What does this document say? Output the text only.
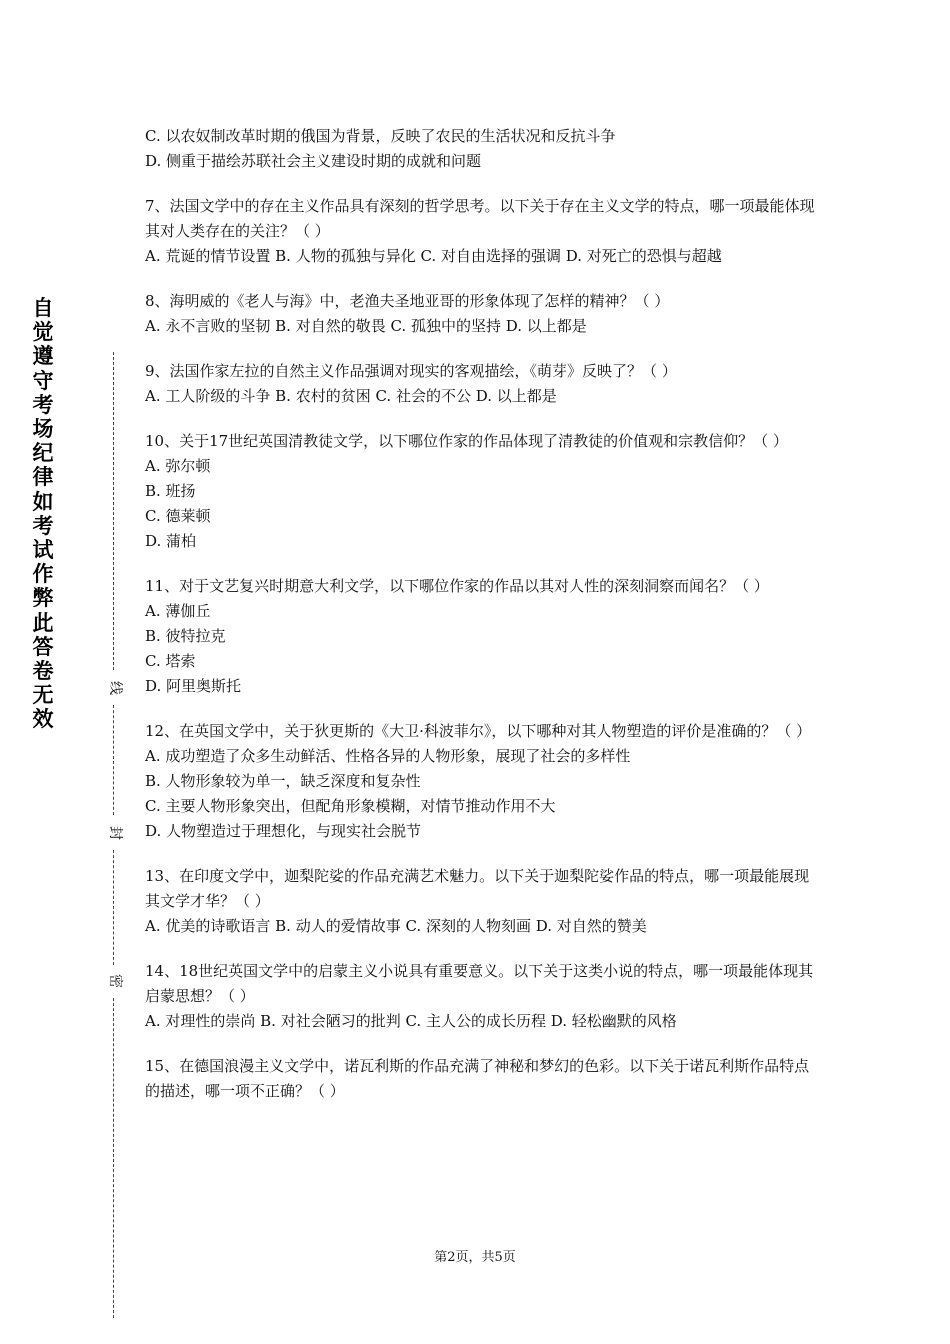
自觉遵守考场纪律如考试作弊此答卷无效
线
封
密

C. 以农奴制改革时期的俄国为背景，反映了农民的生活状况和反抗斗争

D. 侧重于描绘苏联社会主义建设时期的成就和问题

7、法国文学中的存在主义作品具有深刻的哲学思考。以下关于存在主义文学的特点，哪一项最能体现其对人类存在的关注？（ ）

A. 荒诞的情节设置 B. 人物的孤独与异化 C. 对自由选择的强调 D. 对死亡的恐惧与超越

8、海明威的《老人与海》中，老渔夫圣地亚哥的形象体现了怎样的精神？（ ）

A. 永不言败的坚韧 B. 对自然的敬畏 C. 孤独中的坚持 D. 以上都是

9、法国作家左拉的自然主义作品强调对现实的客观描绘，《萌芽》反映了？（ ）

A. 工人阶级的斗争 B. 农村的贫困 C. 社会的不公 D. 以上都是

10、关于17世纪英国清教徒文学，以下哪位作家的作品体现了清教徒的价值观和宗教信仰？（ ）

A. 弥尔顿

B. 班扬

C. 德莱顿

D. 蒲柏

11、对于文艺复兴时期意大利文学，以下哪位作家的作品以其对人性的深刻洞察而闻名？（ ）

A. 薄伽丘

B. 彼特拉克

C. 塔索

D. 阿里奥斯托

12、在英国文学中，关于狄更斯的《大卫·科波菲尔》，以下哪种对其人物塑造的评价是准确的？（ ）

A. 成功塑造了众多生动鲜活、性格各异的人物形象，展现了社会的多样性

B. 人物形象较为单一，缺乏深度和复杂性

C. 主要人物形象突出，但配角形象模糊，对情节推动作用不大

D. 人物塑造过于理想化，与现实社会脱节

13、在印度文学中，迦梨陀娑的作品充满艺术魅力。以下关于迦梨陀娑作品的特点，哪一项最能展现其文学才华？（ ）

A. 优美的诗歌语言 B. 动人的爱情故事 C. 深刻的人物刻画 D. 对自然的赞美

14、18世纪英国文学中的启蒙主义小说具有重要意义。以下关于这类小说的特点，哪一项最能体现其启蒙思想？（ ）

A. 对理性的崇尚 B. 对社会陋习的批判 C. 主人公的成长历程 D. 轻松幽默的风格

15、在德国浪漫主义文学中，诺瓦利斯的作品充满了神秘和梦幻的色彩。以下关于诺瓦利斯作品特点的描述，哪一项不正确？（ ）

第2页，共5页
